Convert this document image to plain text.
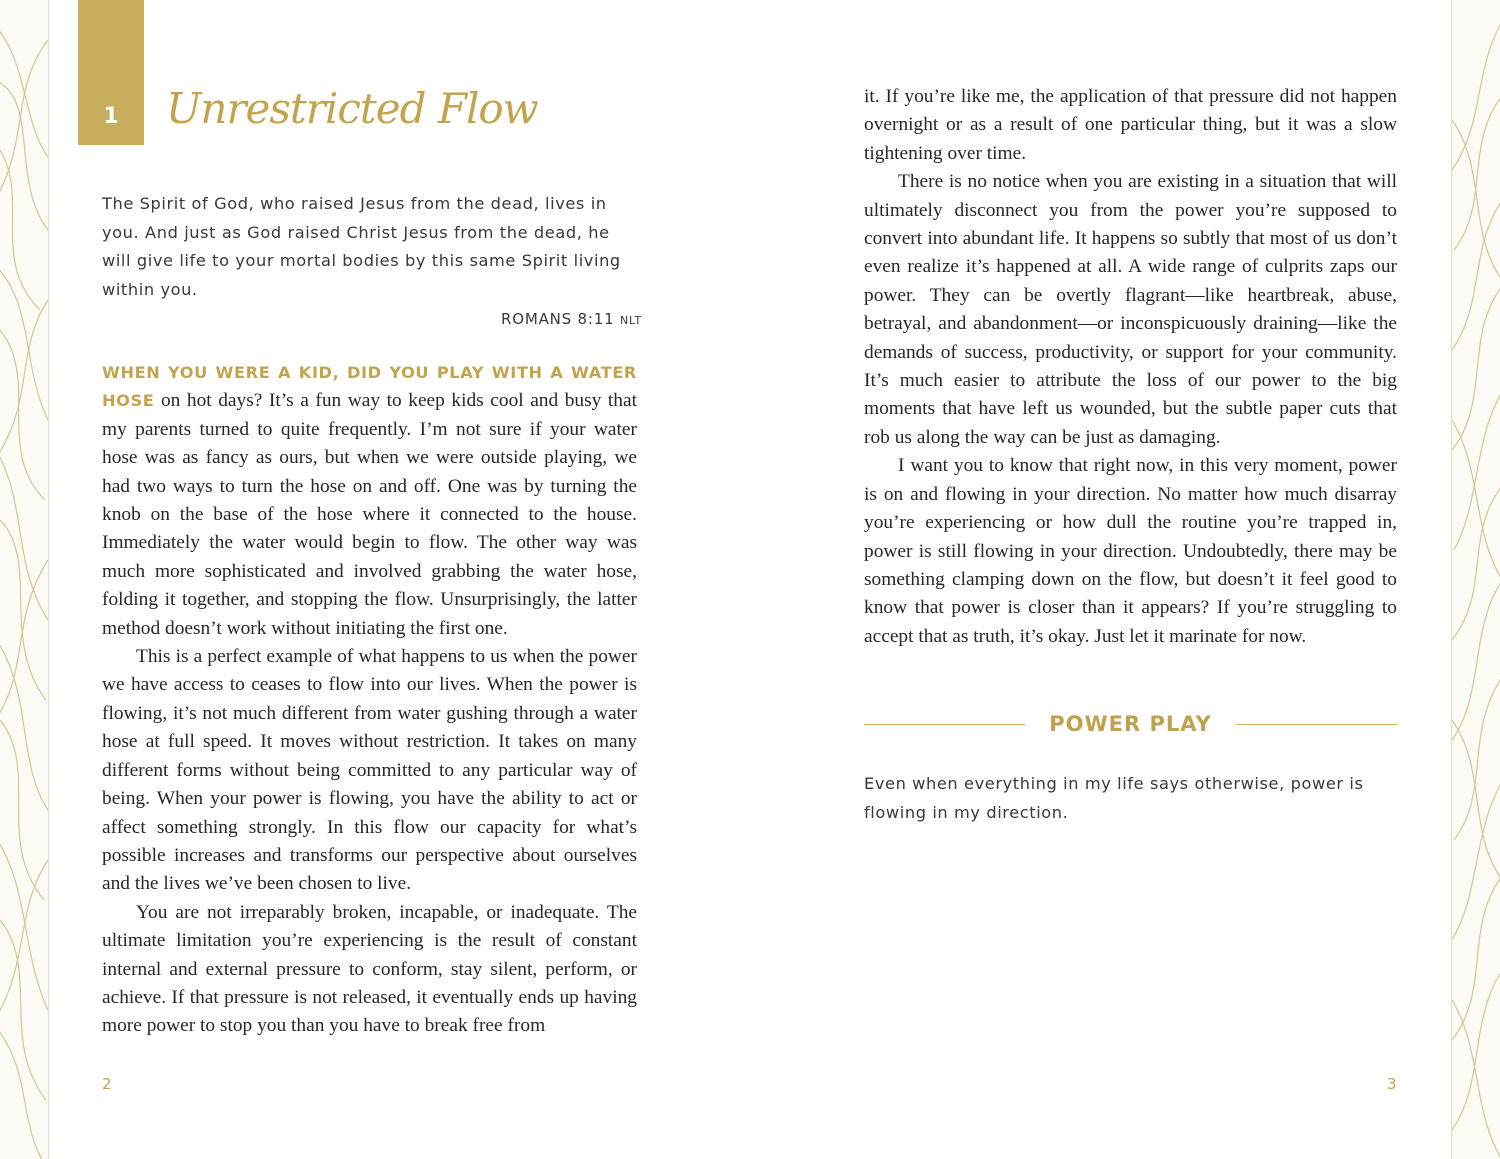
1	Unrestricted Flow
The Spirit of God, who raised Jesus from the dead, lives in you. And just as God raised Christ Jesus from the dead, he will give life to your mortal bodies by this same Spirit living within you.
ROMANS 8:11 NLT

WHEN YOU WERE A KID, DID YOU PLAY WITH A WATER HOSE on hot days? It’s a fun way to keep kids cool and busy that my parents turned to quite frequently. I’m not sure if your water hose was as fancy as ours, but when we were outside playing, we had two ways to turn the hose on and off. One was by turning the knob on the base of the hose where it connected to the house. Immediately the water would begin to flow. The other way was much more sophisticated and involved grabbing the water hose, folding it together, and stopping the flow. Unsurprisingly, the latter method doesn’t work without initiating the first one.

This is a perfect example of what happens to us when the power we have access to ceases to flow into our lives. When the power is flowing, it’s not much different from water gushing through a water hose at full speed. It moves without restriction. It takes on many different forms without being committed to any particular way of being. When your power is flowing, you have the ability to act or affect something strongly. In this flow our capacity for what’s possible increases and transforms our perspective about ourselves and the lives we’ve been chosen to live.

You are not irreparably broken, incapable, or inadequate. The ultimate limitation you’re experiencing is the result of constant internal and external pressure to conform, stay silent, perform, or achieve. If that pressure is not released, it eventually ends up having more power to stop you than you have to break free from

2

it. If you’re like me, the application of that pressure did not happen overnight or as a result of one particular thing, but it was a slow tightening over time.

There is no notice when you are existing in a situation that will ultimately disconnect you from the power you’re supposed to convert into abundant life. It happens so subtly that most of us don’t even realize it’s happened at all. A wide range of culprits zaps our power. They can be overtly flagrant—like heartbreak, abuse, betrayal, and abandonment—or inconspicuously draining—like the demands of success, productivity, or support for your community. It’s much easier to attribute the loss of our power to the big moments that have left us wounded, but the subtle paper cuts that rob us along the way can be just as damaging.

I want you to know that right now, in this very moment, power is on and flowing in your direction. No matter how much disarray you’re experiencing or how dull the routine you’re trapped in, power is still flowing in your direction. Undoubtedly, there may be something clamping down on the flow, but doesn’t it feel good to know that power is closer than it appears? If you’re struggling to accept that as truth, it’s okay. Just let it marinate for now.

POWER PLAY
Even when everything in my life says otherwise, power is flowing in my direction.
3
